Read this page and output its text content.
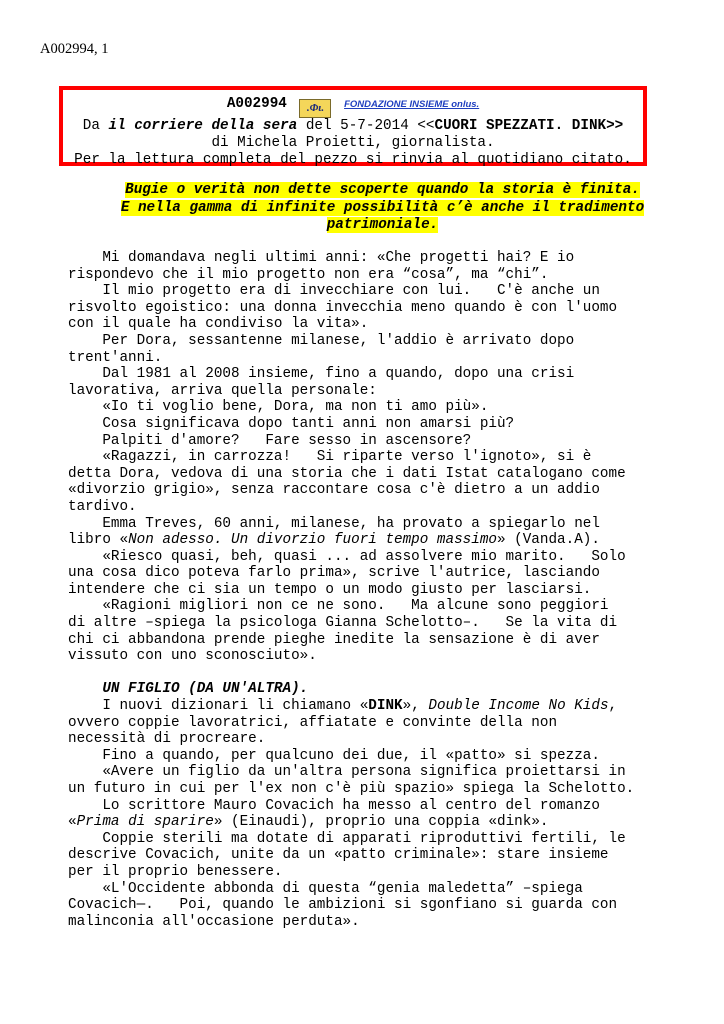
A002994, 1
A002994 .Φι. FONDAZIONE INSIEME onlus.
Da il corriere della sera del 5-7-2014 <<CUORI SPEZZATI. DINK>>
di Michela Proietti, giornalista.
Per la lettura completa del pezzo si rinvia al quotidiano citato.
Bugie o verità non dette scoperte quando la storia è finita.
E nella gamma di infinite possibilità c’è anche il tradimento
patrimoniale.

Mi domandava negli ultimi anni: «Che progetti hai? E io

rispondevo che il mio progetto non era “cosa”, ma “chi”.

Il mio progetto era di invecchiare con lui.   C'è anche un

risvolto egoistico: una donna invecchia meno quando è con l'uomo

con il quale ha condiviso la vita».

Per Dora, sessantenne milanese, l'addio è arrivato dopo

trent'anni.

Dal 1981 al 2008 insieme, fino a quando, dopo una crisi

lavorativa, arriva quella personale:

«Io ti voglio bene, Dora, ma non ti amo più».

Cosa significava dopo tanti anni non amarsi più?

Palpiti d'amore?   Fare sesso in ascensore?

«Ragazzi, in carrozza!   Si riparte verso l'ignoto», si è

detta Dora, vedova di una storia che i dati Istat catalogano come

«divorzio grigio», senza raccontare cosa c'è dietro a un addio

tardivo.

Emma Treves, 60 anni, milanese, ha provato a spiegarlo nel

libro «Non adesso. Un divorzio fuori tempo massimo» (Vanda.A).

«Riesco quasi, beh, quasi ... ad assolvere mio marito.   Solo

una cosa dico poteva farlo prima», scrive l'autrice, lasciando

intendere che ci sia un tempo o un modo giusto per lasciarsi.

«Ragioni migliori non ce ne sono.   Ma alcune sono peggiori

di altre –spiega la psicologa Gianna Schelotto–.   Se la vita di

chi ci abbandona prende pieghe inedite la sensazione è di aver

vissuto con uno sconosciuto».

UN FIGLIO (DA UN'ALTRA).

I nuovi dizionari li chiamano «DINK», Double Income No Kids,

ovvero coppie lavoratrici, affiatate e convinte della non

necessità di procreare.

Fino a quando, per qualcuno dei due, il «patto» si spezza.

«Avere un figlio da un'altra persona significa proiettarsi in

un futuro in cui per l'ex non c'è più spazio» spiega la Schelotto.

Lo scrittore Mauro Covacich ha messo al centro del romanzo

«Prima di sparire» (Einaudi), proprio una coppia «dink».

Coppie sterili ma dotate di apparati riproduttivi fertili, le

descrive Covacich, unite da un «patto criminale»: stare insieme

per il proprio benessere.

«L'Occidente abbonda di questa “genia maledetta” –spiega

Covacich—.   Poi, quando le ambizioni si sgonfiano si guarda con

malinconia all'occasione perduta».
